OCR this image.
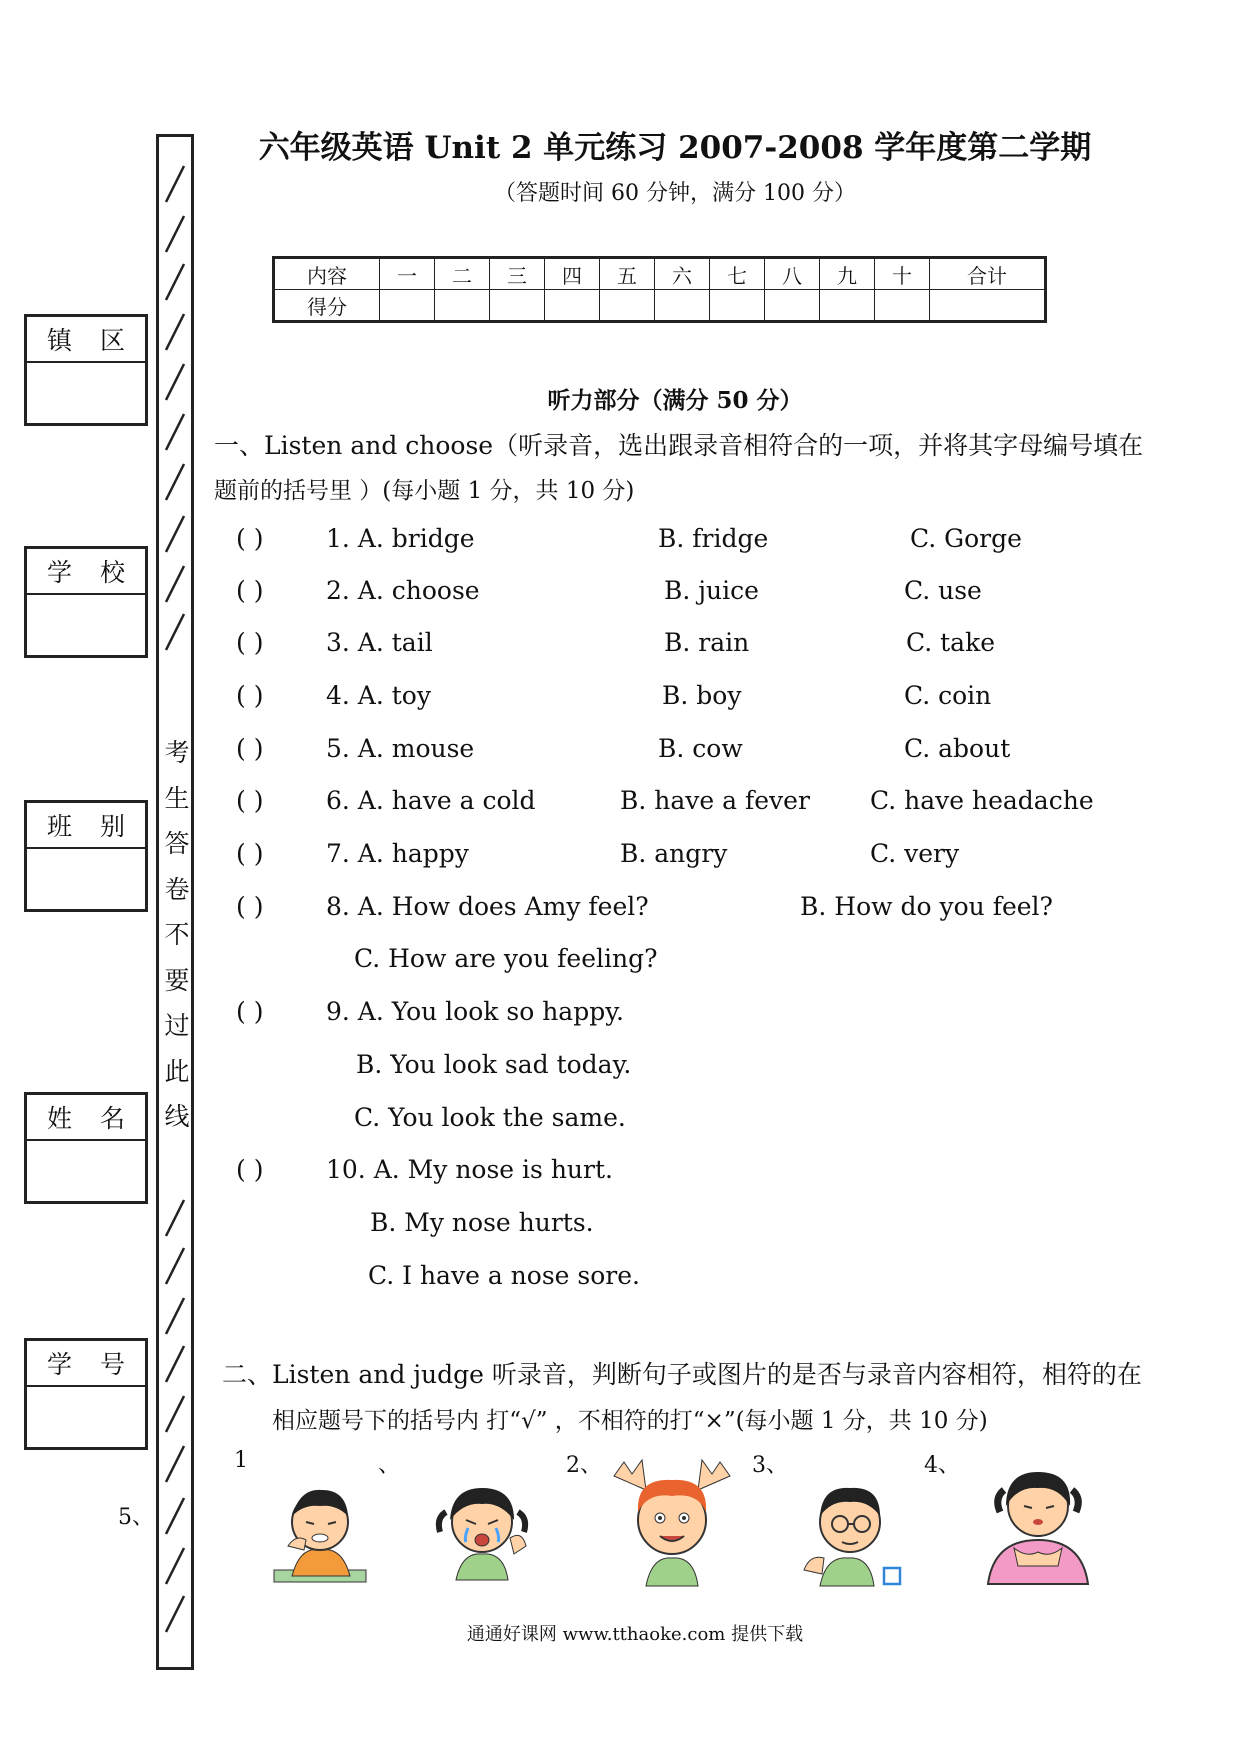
镇 区
学 校
班 别
姓 名
学 号
5、
考
生
答
卷
不
要
过
此
线
六年级英语 Unit 2 单元练习 2007-2008 学年度第二学期
（答题时间 60 分钟，满分 100 分）
内容	一	二	三	四	五	六	七	八	九	十	合计
得分											
听力部分（满分 50 分）
一、Listen and choose（听录音，选出跟录音相符合的一项，并将其字母编号填在
题前的括号里 ）(每小题 1 分，共 10 分)
( )	1. A. bridge	B. fridge	C. Gorge
( )	2. A. choose	B. juice	C. use
( )	3. A. tail	B. rain	C. take
( )	4. A. toy	B. boy	C. coin
( )	5. A. mouse	B. cow	C. about
( )	6. A. have a cold	B. have a fever C. have headache
( )	7. A. happy	B. angry	C. very
( )	8. A. How does Amy feel?	B. How do you feel?
C. How are you feeling?
( )	9. A. You look so happy.
B. You look sad today.
C. You look the same.
( )	10. A. My nose is hurt.
B. My nose hurts.
C. I have a nose sore.
二、Listen and judge 听录音，判断句子或图片的是否与录音内容相符，相符的在
相应题号下的括号内 打“√” ，不相符的打“×”(每小题 1 分，共 10 分)
1	、	2、	3、	4、
通通好课网 www.tthaoke.com 提供下载
